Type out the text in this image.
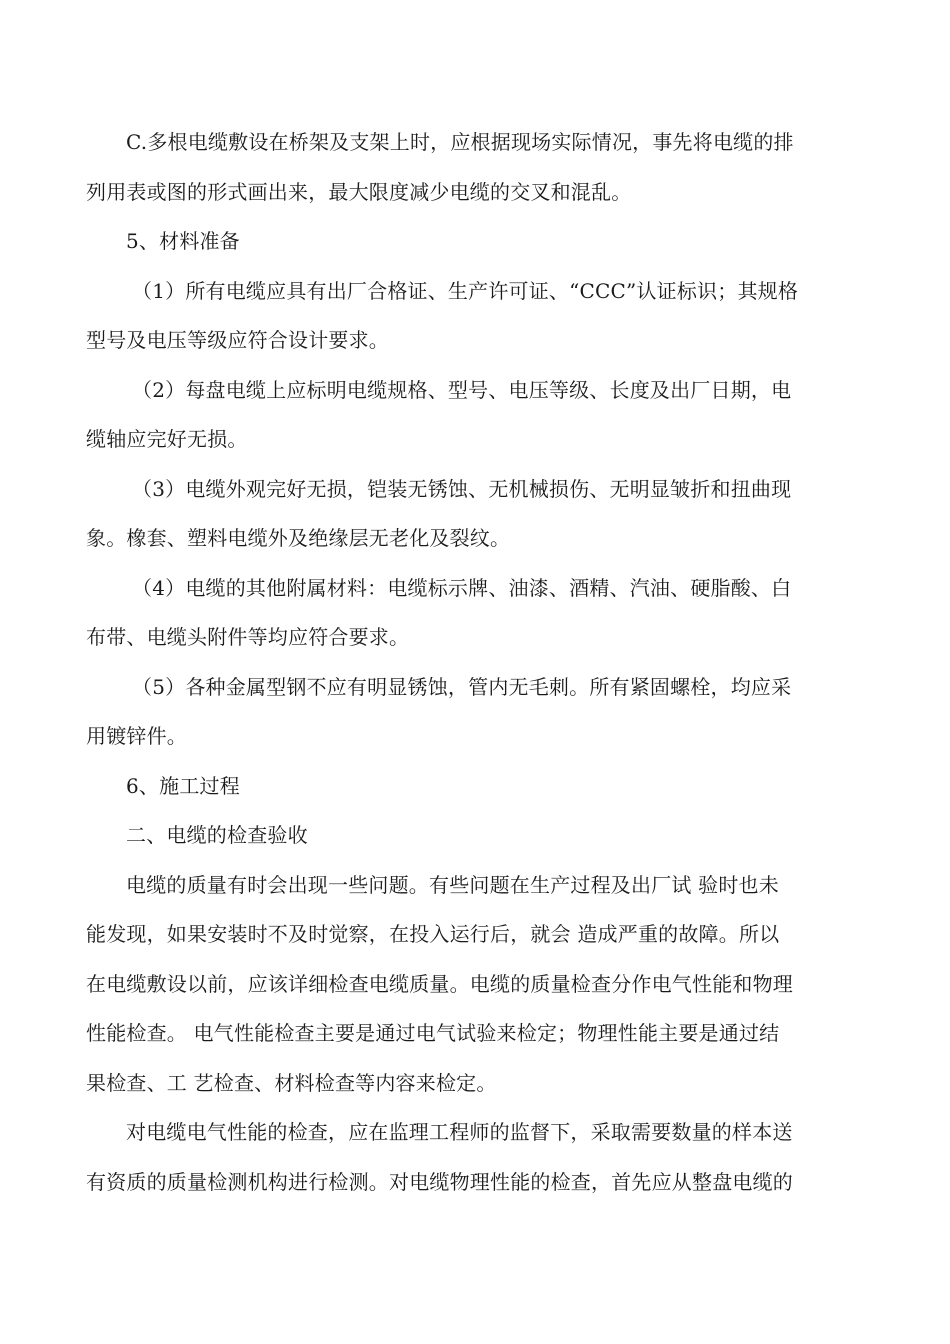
C.多根电缆敷设在桥架及支架上时，应根据现场实际情况，事先将电缆的排
列用表或图的形式画出来，最大限度减少电缆的交叉和混乱。

5、材料准备

（1）所有电缆应具有出厂合格证、生产许可证、“CCC”认证标识；其规格
型号及电压等级应符合设计要求。

（2）每盘电缆上应标明电缆规格、型号、电压等级、长度及出厂日期，电
缆轴应完好无损。

（3）电缆外观完好无损，铠装无锈蚀、无机械损伤、无明显皱折和扭曲现
象。橡套、塑料电缆外及绝缘层无老化及裂纹。

（4）电缆的其他附属材料：电缆标示牌、油漆、酒精、汽油、硬脂酸、白
布带、电缆头附件等均应符合要求。

（5）各种金属型钢不应有明显锈蚀，管内无毛刺。所有紧固螺栓，均应采
用镀锌件。

6、施工过程

二、电缆的检查验收

电缆的质量有时会出现一些问题。有些问题在生产过程及出厂试 验时也未
能发现，如果安装时不及时觉察，在投入运行后，就会 造成严重的故障。所以
在电缆敷设以前，应该详细检查电缆质量。电缆的质量检查分作电气性能和物理
性能检查。 电气性能检查主要是通过电气试验来检定；物理性能主要是通过结
果检查、工 艺检查、材料检查等内容来检定。

对电缆电气性能的检查，应在监理工程师的监督下，采取需要数量的样本送
有资质的质量检测机构进行检测。对电缆物理性能的检查，首先应从整盘电缆的
